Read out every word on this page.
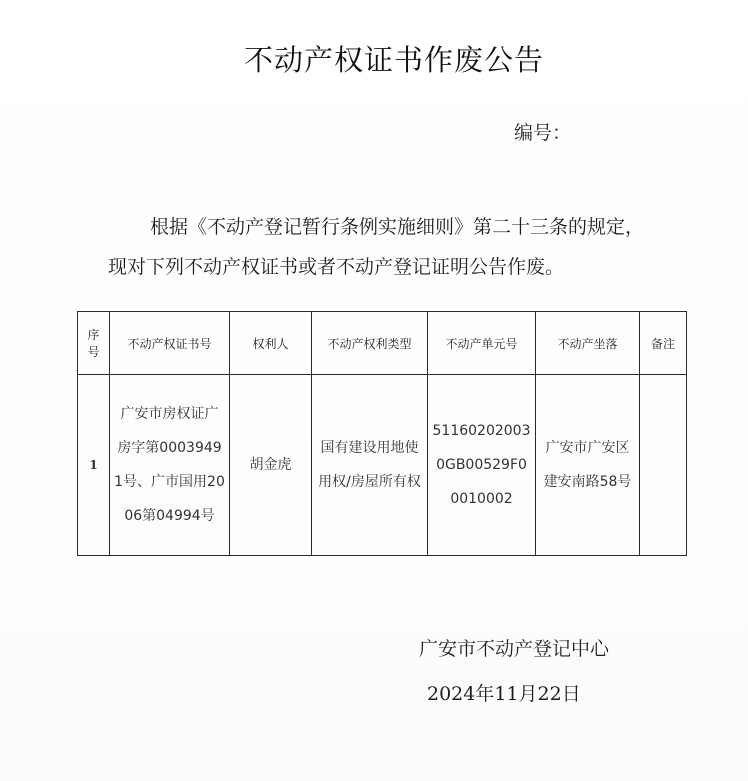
不动产权证书作废公告
编号：
根据《不动产登记暂行条例实施细则》第二十三条的规定，
现对下列不动产权证书或者不动产登记证明公告作废。
序号	不动产权证书号	权利人	不动产权利类型	不动产单元号	不动产坐落	备注
1	广安市房权证广房字第00039491号、广市国用2006第04994号	胡金虎	国有建设用地使用权/房屋所有权	511602020030GB00529F00010002	广安市广安区建安南路58号	
广安市不动产登记中心
2024年11月22日
